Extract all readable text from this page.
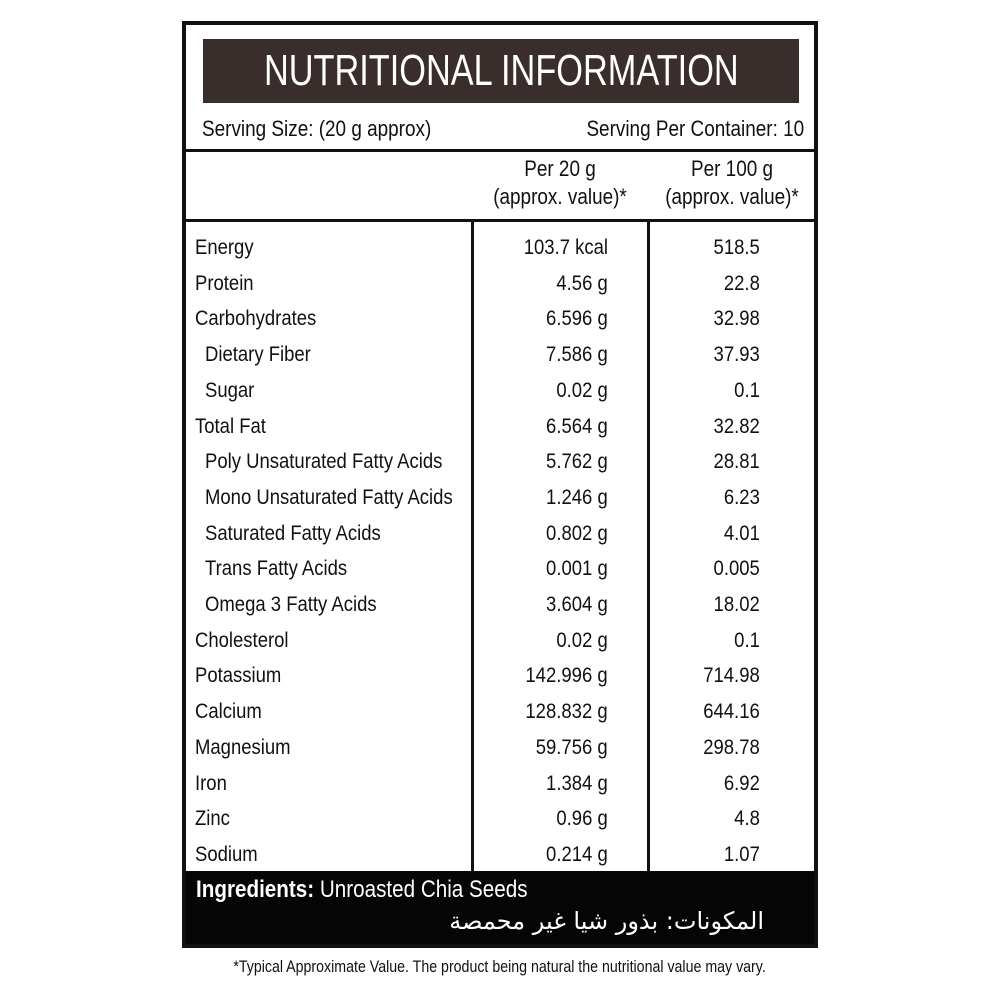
NUTRITIONAL INFORMATION
Serving Size: (20 g approx)	Serving Per Container: 10
Per 20 g
(approx. value)*
Per 100 g
(approx. value)*
Energy	103.7 kcal	518.5
Protein	4.56 g	22.8
Carbohydrates	6.596 g	32.98
Dietary Fiber	7.586 g	37.93
Sugar	0.02 g	0.1
Total Fat	6.564 g	32.82
Poly Unsaturated Fatty Acids	5.762 g	28.81
Mono Unsaturated Fatty Acids	1.246 g	6.23
Saturated Fatty Acids	0.802 g	4.01
Trans Fatty Acids	0.001 g	0.005
Omega 3 Fatty Acids	3.604 g	18.02
Cholesterol	0.02 g	0.1
Potassium	142.996 g	714.98
Calcium	128.832 g	644.16
Magnesium	59.756 g	298.78
Iron	1.384 g	6.92
Zinc	0.96 g	4.8
Sodium	0.214 g	1.07
Ingredients: Unroasted Chia Seeds
المكونات: بذور شيا غير محمصة
*Typical Approximate Value. The product being natural the nutritional value may vary.
